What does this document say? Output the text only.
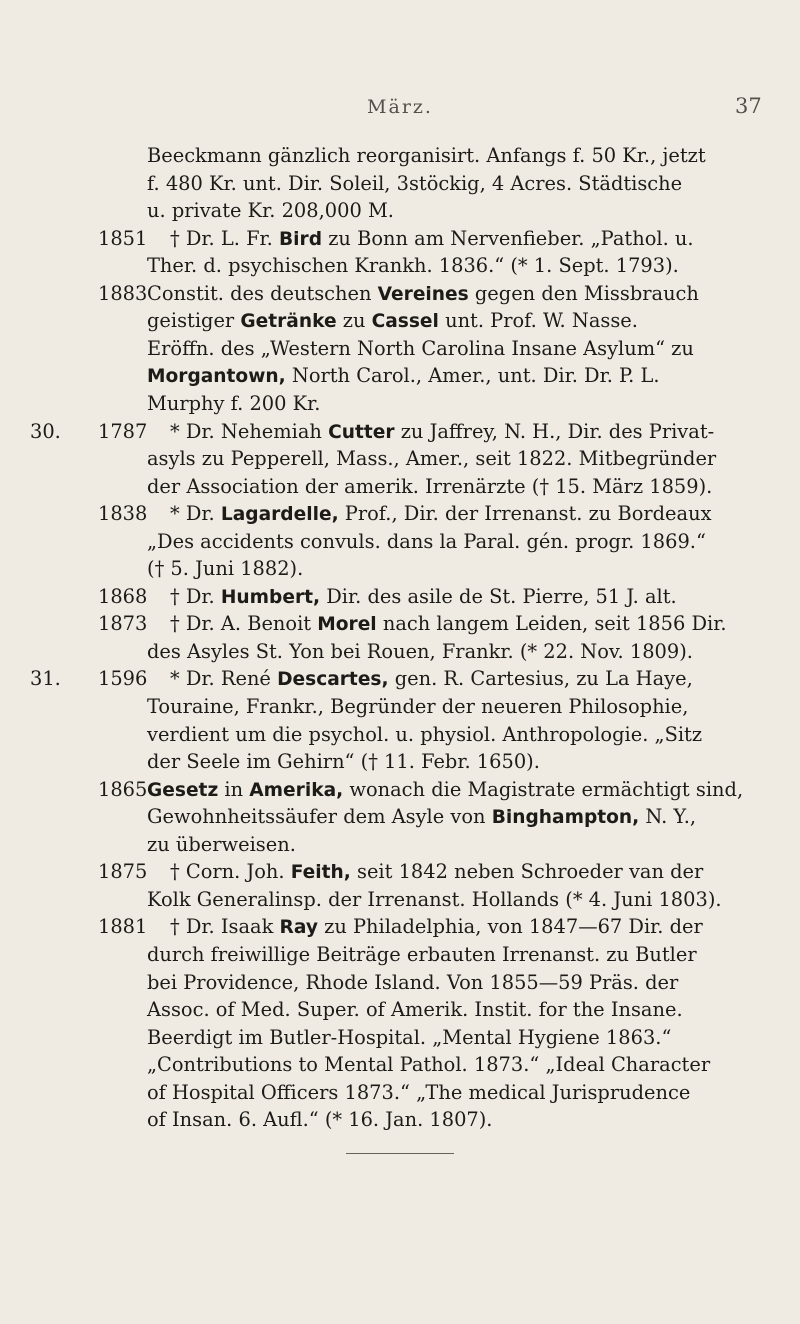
März.	37
Beeckmann gänzlich reorganisirt. Anfangs f. 50 Kr., jetzt
f. 480 Kr. unt. Dir. Soleil, 3stöckig, 4 Acres. Städtische
u. private Kr. 208,000 M.
1851 † Dr. L. Fr. Bird zu Bonn am Nervenfieber. „Pathol. u.
Ther. d. psychischen Krankh. 1836.“ (* 1. Sept. 1793).
1883 Constit. des deutschen Vereines gegen den Missbrauch
geistiger Getränke zu Cassel unt. Prof. W. Nasse.
Eröffn. des „Western North Carolina Insane Asylum“ zu
Morgantown, North Carol., Amer., unt. Dir. Dr. P. L.
Murphy f. 200 Kr.
30. 1787 * Dr. Nehemiah Cutter zu Jaffrey, N. H., Dir. des Privat-
asyls zu Pepperell, Mass., Amer., seit 1822. Mitbegründer
der Association der amerik. Irrenärzte († 15. März 1859).
1838 * Dr. Lagardelle, Prof., Dir. der Irrenanst. zu Bordeaux
„Des accidents convuls. dans la Paral. gén. progr. 1869.“
(† 5. Juni 1882).
1868 † Dr. Humbert, Dir. des asile de St. Pierre, 51 J. alt.
1873 † Dr. A. Benoit Morel nach langem Leiden, seit 1856 Dir.
des Asyles St. Yon bei Rouen, Frankr. (* 22. Nov. 1809).
31. 1596 * Dr. René Descartes, gen. R. Cartesius, zu La Haye,
Touraine, Frankr., Begründer der neueren Philosophie,
verdient um die psychol. u. physiol. Anthropologie. „Sitz
der Seele im Gehirn“ († 11. Febr. 1650).
1865 Gesetz in Amerika, wonach die Magistrate ermächtigt sind,
Gewohnheitssäufer dem Asyle von Binghampton, N. Y.,
zu überweisen.
1875 † Corn. Joh. Feith, seit 1842 neben Schroeder van der
Kolk Generalinsp. der Irrenanst. Hollands (* 4. Juni 1803).
1881 † Dr. Isaak Ray zu Philadelphia, von 1847—67 Dir. der
durch freiwillige Beiträge erbauten Irrenanst. zu Butler
bei Providence, Rhode Island. Von 1855—59 Präs. der
Assoc. of Med. Super. of Amerik. Instit. for the Insane.
Beerdigt im Butler-Hospital. „Mental Hygiene 1863.“
„Contributions to Mental Pathol. 1873.“ „Ideal Character
of Hospital Officers 1873.“ „The medical Jurisprudence
of Insan. 6. Aufl.“ (* 16. Jan. 1807).
